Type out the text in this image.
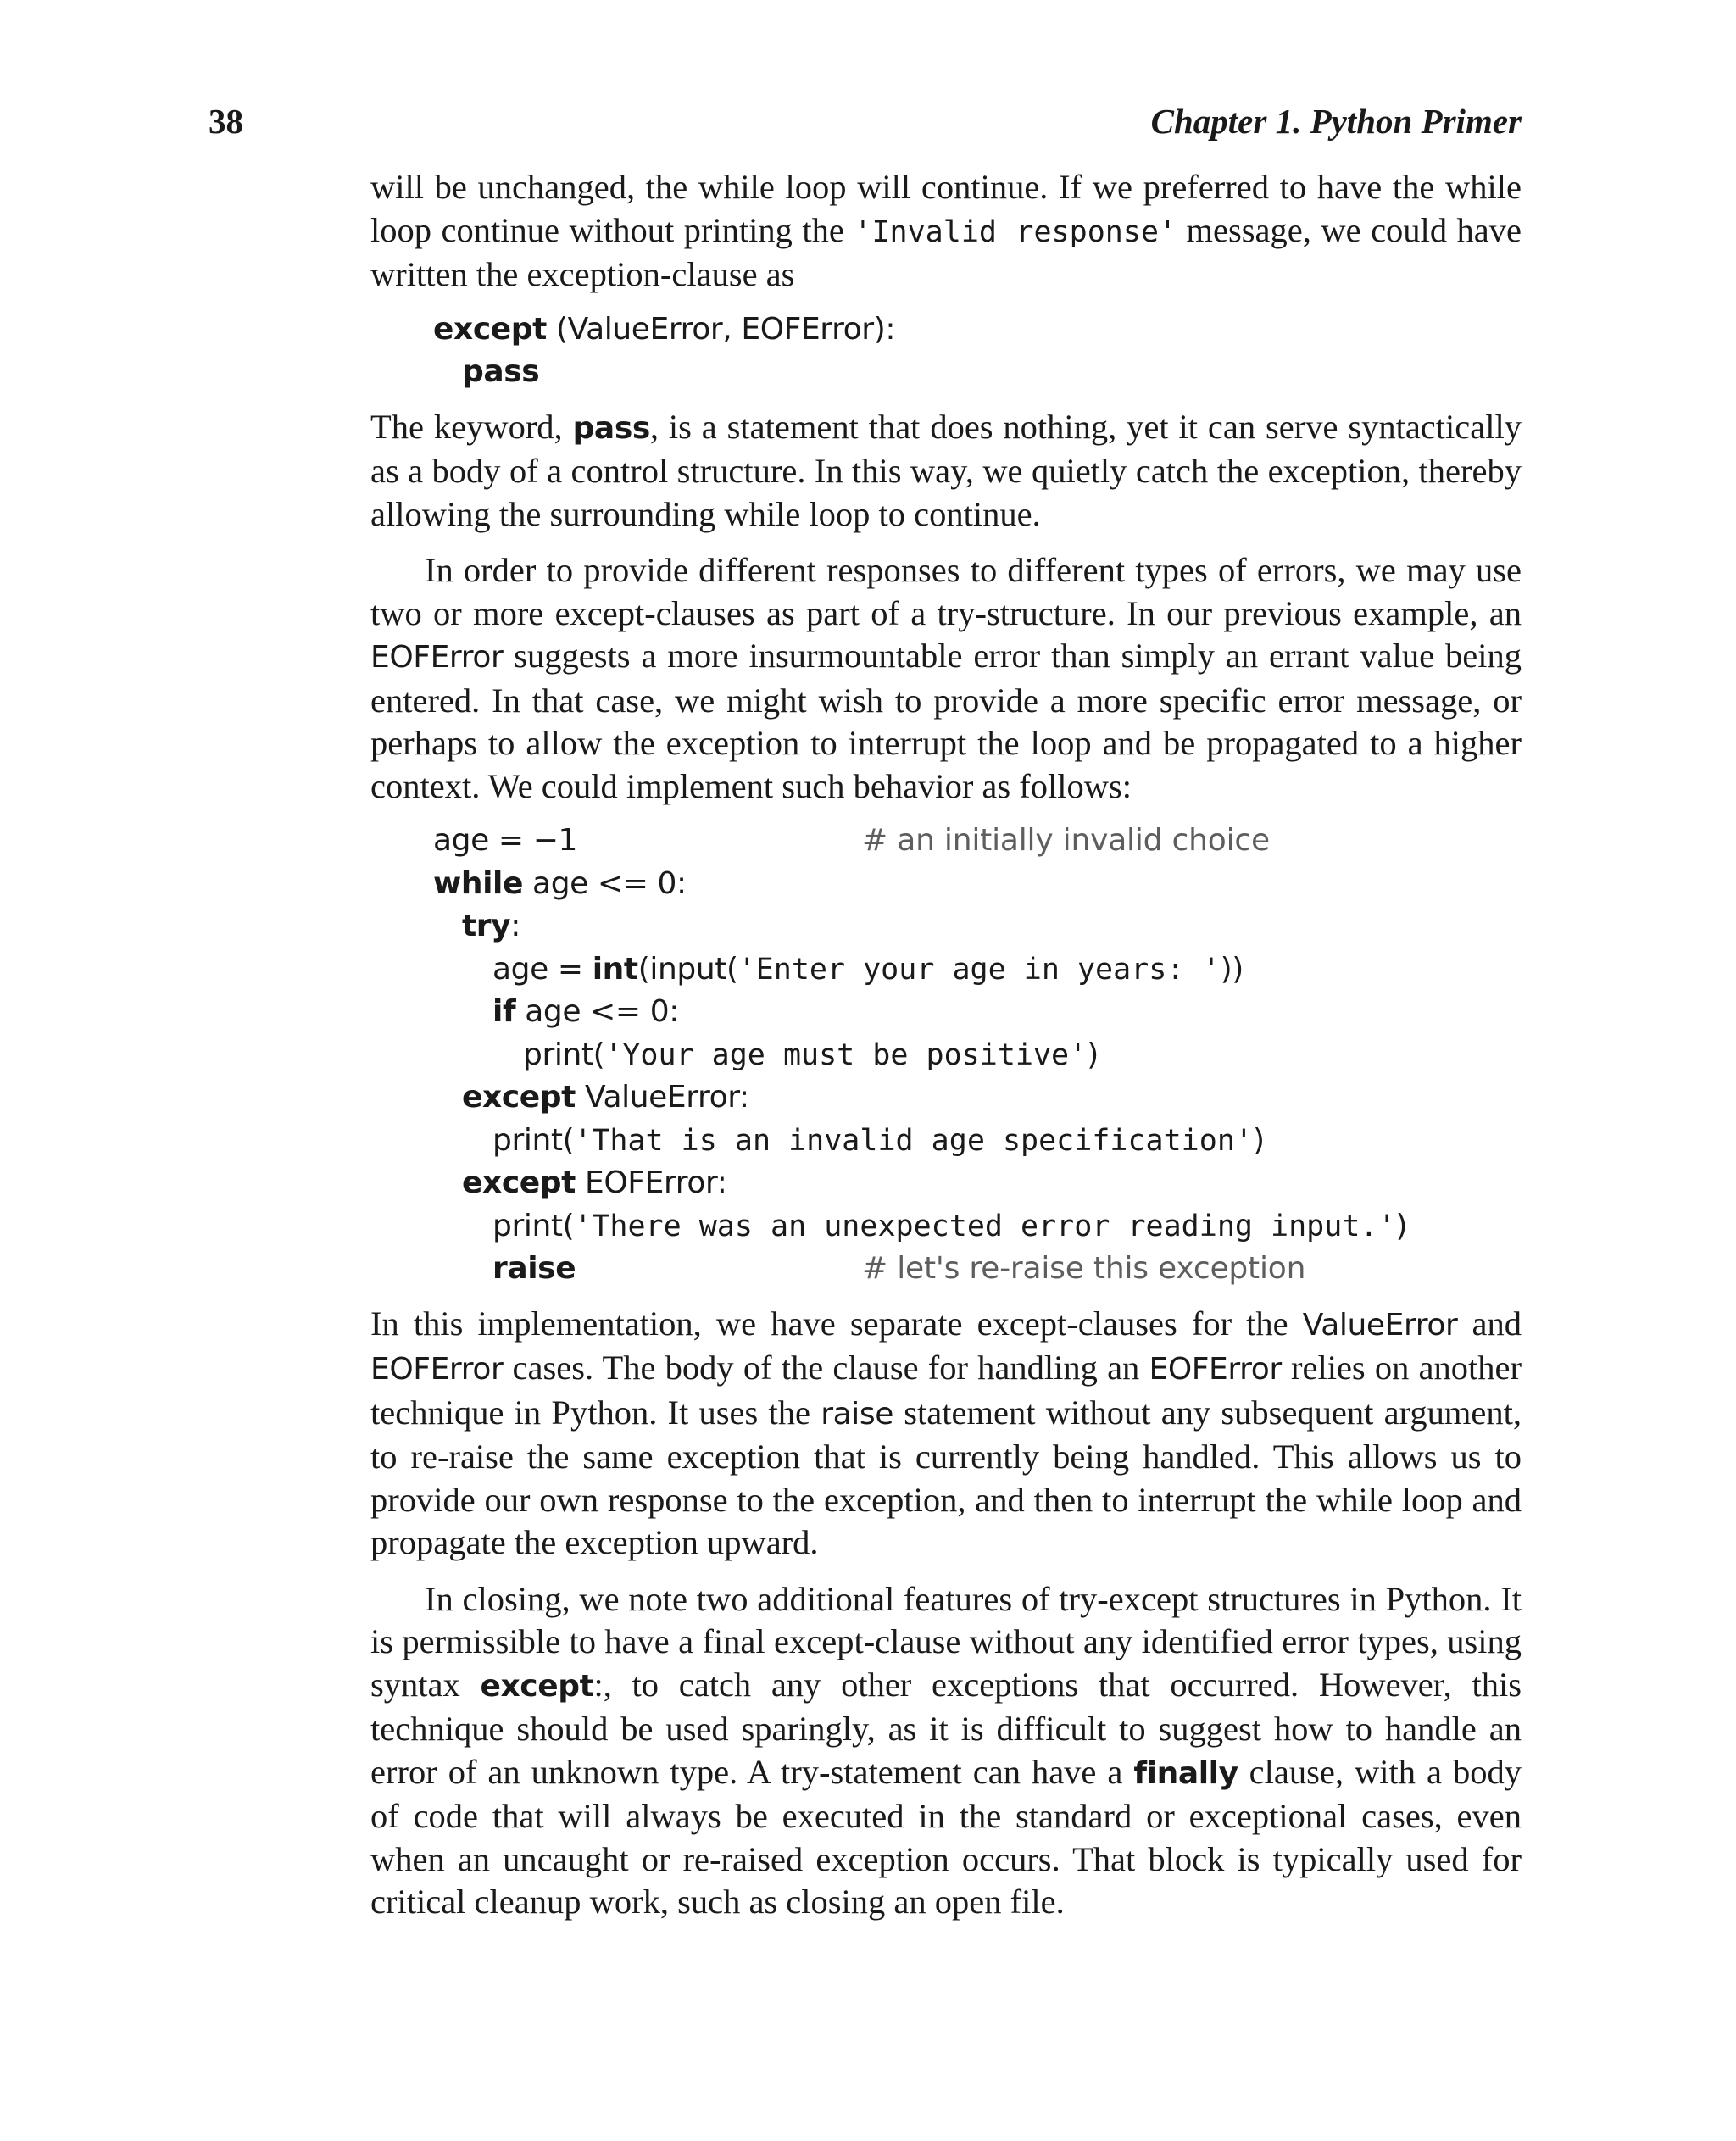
38	Chapter 1. Python Primer

will be unchanged, the while loop will continue. If we preferred to have the while loop continue without printing the 'Invalid response' message, we could have written the exception-clause as

except (ValueError, EOFError):
pass

The keyword, pass, is a statement that does nothing, yet it can serve syntactically as a body of a control structure. In this way, we quietly catch the exception, thereby allowing the surrounding while loop to continue.

In order to provide different responses to different types of errors, we may use two or more except-clauses as part of a try-structure. In our previous example, an EOFError suggests a more insurmountable error than simply an errant value being entered. In that case, we might wish to provide a more specific error message, or perhaps to allow the exception to interrupt the loop and be propagated to a higher context. We could implement such behavior as follows:

age = −1	# an initially invalid choice
while age <= 0:
try:
age = int(input('Enter your age in years: '))
if age <= 0:
print('Your age must be positive')
except ValueError:
print('That is an invalid age specification')
except EOFError:
print('There was an unexpected error reading input.')
raise	# let's re-raise this exception

In this implementation, we have separate except-clauses for the ValueError and EOFError cases. The body of the clause for handling an EOFError relies on another technique in Python. It uses the raise statement without any subsequent argument, to re-raise the same exception that is currently being handled. This allows us to provide our own response to the exception, and then to interrupt the while loop and propagate the exception upward.

In closing, we note two additional features of try-except structures in Python. It is permissible to have a final except-clause without any identified error types, using syntax except:, to catch any other exceptions that occurred. However, this technique should be used sparingly, as it is difficult to suggest how to handle an error of an unknown type. A try-statement can have a finally clause, with a body of code that will always be executed in the standard or exceptional cases, even when an uncaught or re-raised exception occurs. That block is typically used for critical cleanup work, such as closing an open file.
